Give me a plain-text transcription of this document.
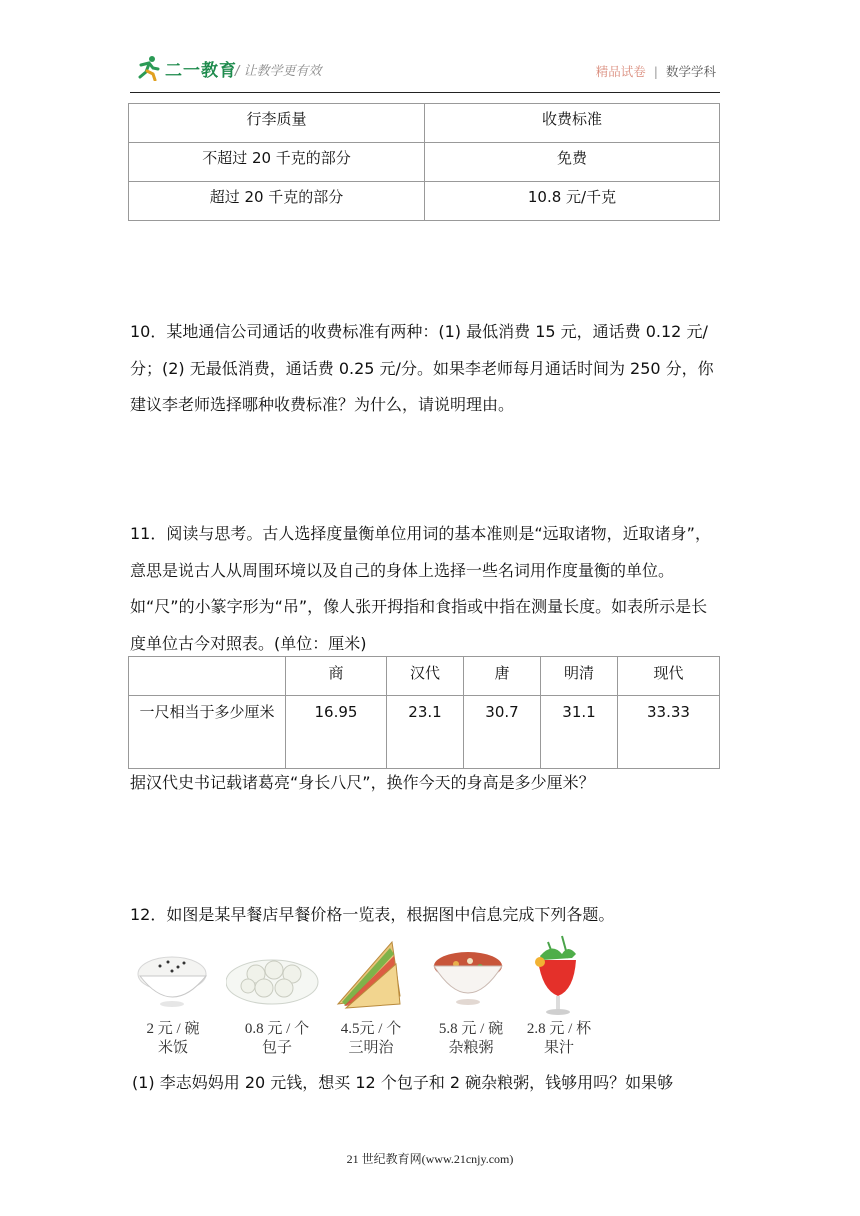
二一教育
/ 让教学更有效	精品试卷 | 数学学科
行李质量	收费标准
不超过 20 千克的部分	免费
超过 20 千克的部分	10.8 元/千克
10．某地通信公司通话的收费标准有两种：(1) 最低消费 15 元，通话费 0.12 元/分；(2) 无最低消费，通话费 0.25 元/分。如果李老师每月通话时间为 250 分，你建议李老师选择哪种收费标准？为什么，请说明理由。
11．阅读与思考。古人选择度量衡单位用词的基本准则是“远取诸物，近取诸身”，意思是说古人从周围环境以及自己的身体上选择一些名词用作度量衡的单位。如“尺”的小篆字形为“吊”，像人张开拇指和食指或中指在测量长度。如表所示是长度单位古今对照表。(单位：厘米)
	商	汉代	唐	明清	现代
一尺相当于多少厘米	16.95	23.1	30.7	31.1	33.33
据汉代史书记载诸葛亮“身长八尺”，换作今天的身高是多少厘米？
12．如图是某早餐店早餐价格一览表，根据图中信息完成下列各题。
2 元 / 碗
米饭
0.8 元 / 个
包子
4.5元 / 个
三明治
5.8 元 / 碗
杂粮粥
2.8 元 / 杯
果汁
(1) 李志妈妈用 20 元钱，想买 12 个包子和 2 碗杂粮粥，钱够用吗？如果够
21 世纪教育网(www.21cnjy.com)
